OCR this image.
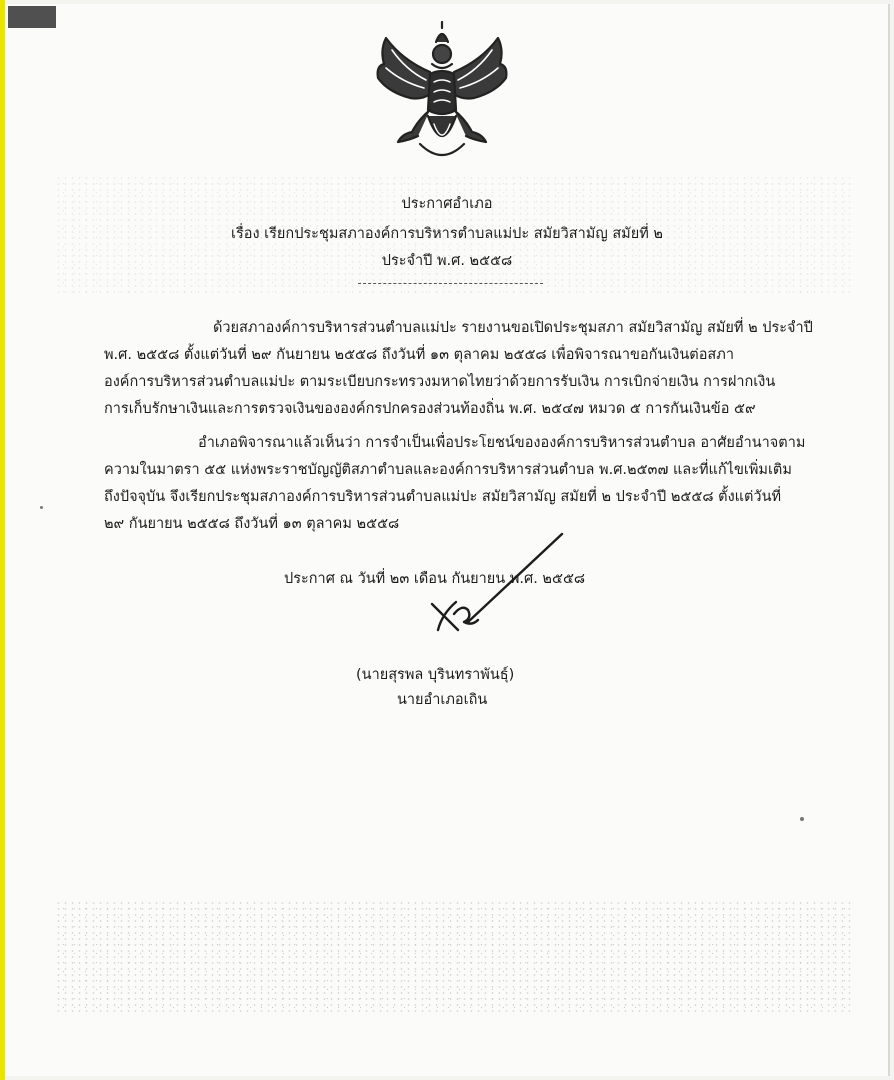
ประกาศอำเภอ
เรื่อง เรียกประชุมสภาองค์การบริหารตำบลแม่ปะ สมัยวิสามัญ สมัยที่ ๒
ประจำปี พ.ศ. ๒๕๕๘
ด้วยสภาองค์การบริหารส่วนตำบลแม่ปะ รายงานขอเปิดประชุมสภา สมัยวิสามัญ สมัยที่ ๒ ประจำปี
พ.ศ. ๒๕๕๘ ตั้งแต่วันที่ ๒๙ กันยายน ๒๕๕๘ ถึงวันที่ ๑๓ ตุลาคม ๒๕๕๘ เพื่อพิจารณาขอกันเงินต่อสภา
องค์การบริหารส่วนตำบลแม่ปะ ตามระเบียบกระทรวงมหาดไทยว่าด้วยการรับเงิน การเบิกจ่ายเงิน การฝากเงิน
การเก็บรักษาเงินและการตรวจเงินขององค์กรปกครองส่วนท้องถิ่น พ.ศ. ๒๕๔๗ หมวด ๕ การกันเงินข้อ ๕๙
อำเภอพิจารณาแล้วเห็นว่า การจำเป็นเพื่อประโยชน์ขององค์การบริหารส่วนตำบล อาศัยอำนาจตาม
ความในมาตรา ๕๕ แห่งพระราชบัญญัติสภาตำบลและองค์การบริหารส่วนตำบล พ.ศ.๒๕๓๗ และที่แก้ไขเพิ่มเติม
ถึงปัจจุบัน จึงเรียกประชุมสภาองค์การบริหารส่วนตำบลแม่ปะ สมัยวิสามัญ สมัยที่ ๒ ประจำปี ๒๕๕๘ ตั้งแต่วันที่
๒๙ กันยายน ๒๕๕๘ ถึงวันที่ ๑๓ ตุลาคม ๒๕๕๘
ประกาศ ณ วันที่ ๒๓ เดือน กันยายน พ.ศ. ๒๕๕๘
(นายสุรพล บุรินทราพันธุ์)
นายอำเภอเถิน
